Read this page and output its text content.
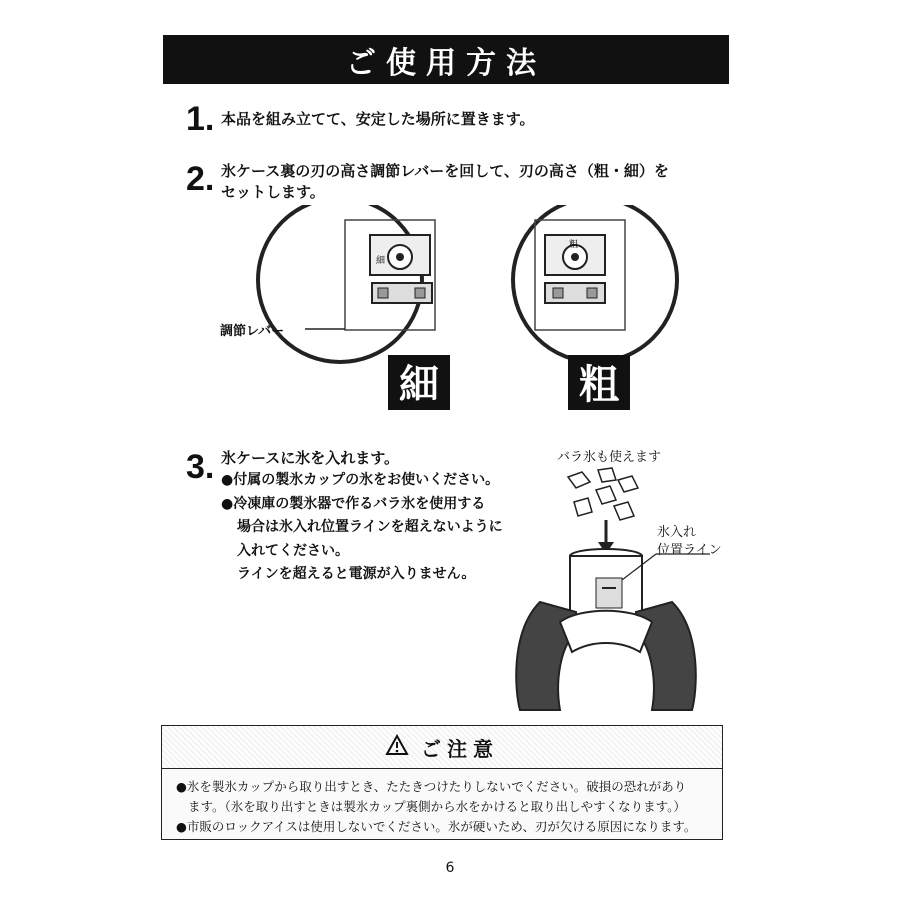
ご使用方法
1. 本品を組み立てて、安定した場所に置きます。
2. 氷ケース裏の刃の高さ調節レバーを回して、刃の高さ（粗・細）を
セットします。
細
細
粗
粗
調節レバー
3. 氷ケースに氷を入れます。
●付属の製氷カップの氷をお使いください。
●冷凍庫の製氷器で作るバラ氷を使用する
場合は氷入れ位置ラインを超えないように
入れてください。
ラインを超えると電源が入りません。
バラ氷も使えます
氷入れ
位置ライン
ご注意
●氷を製氷カップから取り出すとき、たたきつけたりしないでください。破損の恐れがあり
ます。（氷を取り出すときは製氷カップ裏側から水をかけると取り出しやすくなります。）
●市販のロックアイスは使用しないでください。氷が硬いため、刃が欠ける原因になります。
6
